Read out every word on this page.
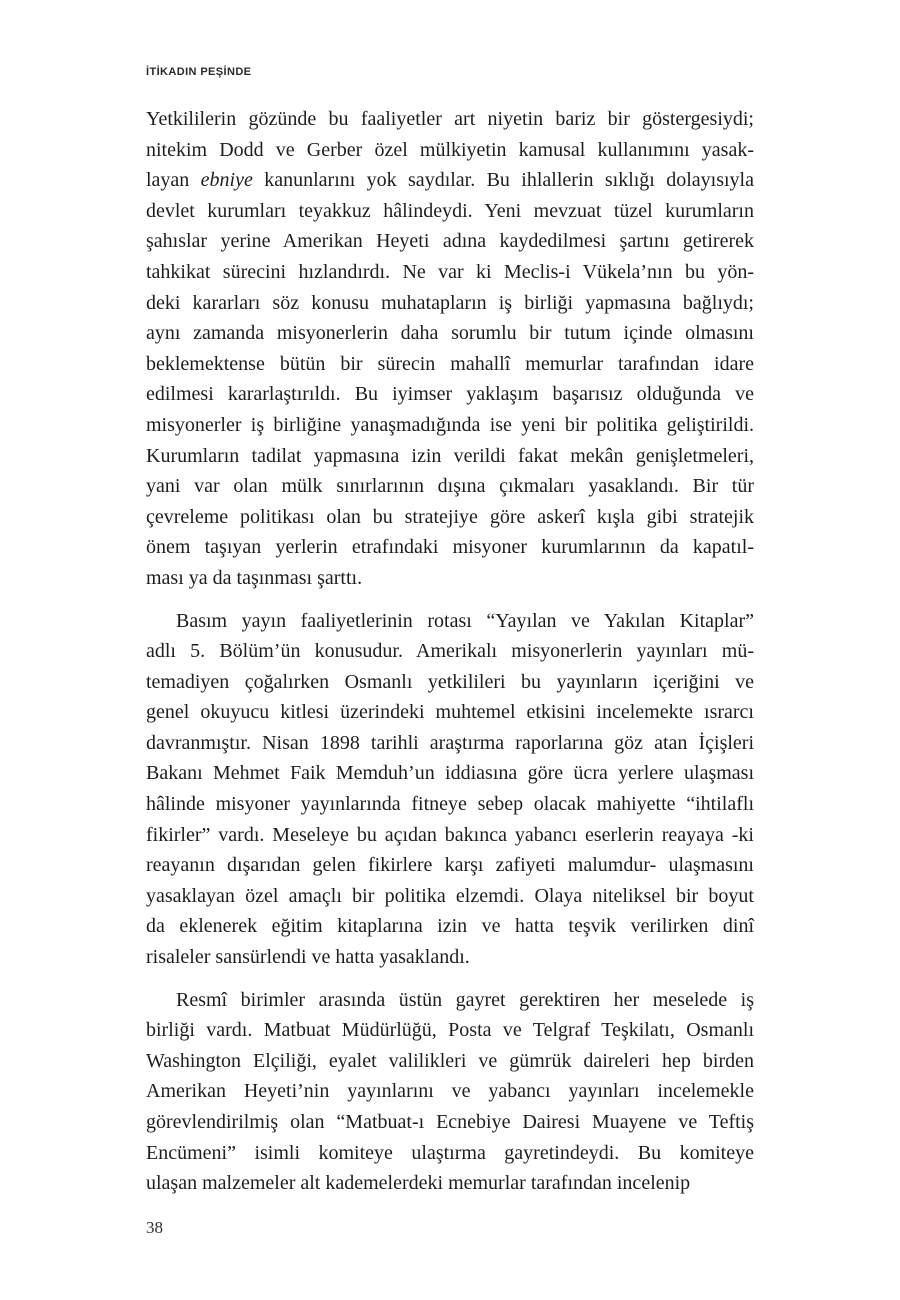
İTİKADIN PEŞİNDE
Yetkililerin gözünde bu faaliyetler art niyetin bariz bir göstergesiydi;
nitekim Dodd ve Gerber özel mülkiyetin kamusal kullanımını yasak-
layan ebniye kanunlarını yok saydılar. Bu ihlallerin sıklığı dolayısıyla
devlet kurumları teyakkuz hâlindeydi. Yeni mevzuat tüzel kurumların
şahıslar yerine Amerikan Heyeti adına kaydedilmesi şartını getirerek
tahkikat sürecini hızlandırdı. Ne var ki Meclis-i Vükela’nın bu yön-
deki kararları söz konusu muhatapların iş birliği yapmasına bağlıydı;
aynı zamanda misyonerlerin daha sorumlu bir tutum içinde olmasını
beklemektense bütün bir sürecin mahallî memurlar tarafından idare
edilmesi kararlaştırıldı. Bu iyimser yaklaşım başarısız olduğunda ve
misyonerler iş birliğine yanaşmadığında ise yeni bir politika geliştirildi.
Kurumların tadilat yapmasına izin verildi fakat mekân genişletmeleri,
yani var olan mülk sınırlarının dışına çıkmaları yasaklandı. Bir tür
çevreleme politikası olan bu stratejiye göre askerî kışla gibi stratejik
önem taşıyan yerlerin etrafındaki misyoner kurumlarının da kapatıl-
ması ya da taşınması şarttı.
Basım yayın faaliyetlerinin rotası “Yayılan ve Yakılan Kitaplar”
adlı 5. Bölüm’ün konusudur. Amerikalı misyonerlerin yayınları mü-
temadiyen çoğalırken Osmanlı yetkilileri bu yayınların içeriğini ve
genel okuyucu kitlesi üzerindeki muhtemel etkisini incelemekte ısrarcı
davranmıştır. Nisan 1898 tarihli araştırma raporlarına göz atan İçişleri
Bakanı Mehmet Faik Memduh’un iddiasına göre ücra yerlere ulaşması
hâlinde misyoner yayınlarında fitneye sebep olacak mahiyette “ihtilaflı
fikirler” vardı. Meseleye bu açıdan bakınca yabancı eserlerin reayaya -ki
reayanın dışarıdan gelen fikirlere karşı zafiyeti malumdur- ulaşmasını
yasaklayan özel amaçlı bir politika elzemdi. Olaya niteliksel bir boyut
da eklenerek eğitim kitaplarına izin ve hatta teşvik verilirken dinî
risaleler sansürlendi ve hatta yasaklandı.
Resmî birimler arasında üstün gayret gerektiren her meselede iş
birliği vardı. Matbuat Müdürlüğü, Posta ve Telgraf Teşkilatı, Osmanlı
Washington Elçiliği, eyalet valilikleri ve gümrük daireleri hep birden
Amerikan Heyeti’nin yayınlarını ve yabancı yayınları incelemekle
görevlendirilmiş olan “Matbuat-ı Ecnebiye Dairesi Muayene ve Teftiş
Encümeni” isimli komiteye ulaştırma gayretindeydi. Bu komiteye
ulaşan malzemeler alt kademelerdeki memurlar tarafından incelenip
38
